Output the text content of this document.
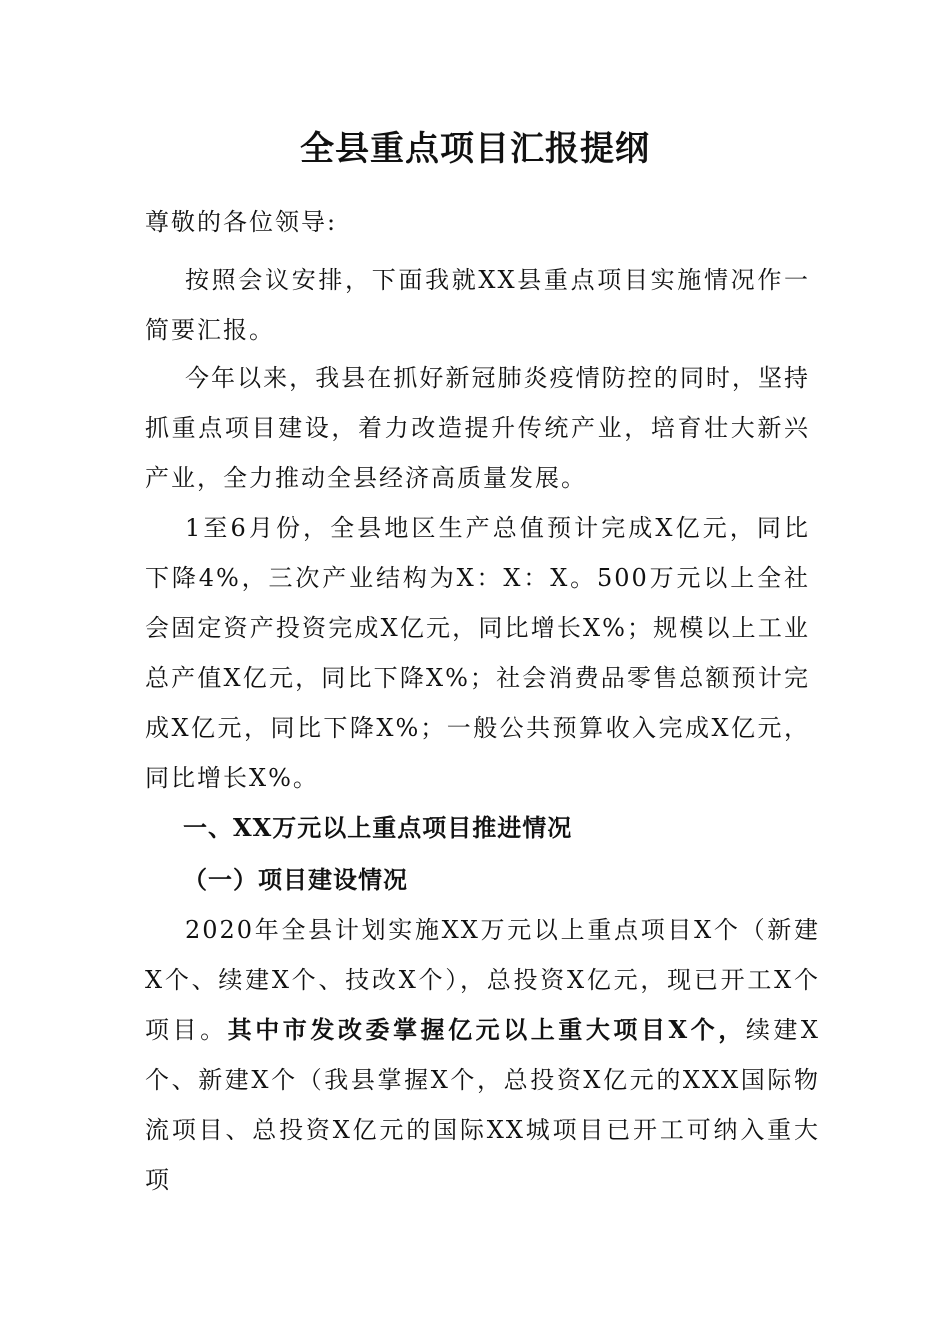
全县重点项目汇报提纲
尊敬的各位领导:

按照会议安排，下面我就XX县重点项目实施情况作一简要汇报。

今年以来，我县在抓好新冠肺炎疫情防控的同时，坚持抓重点项目建设，着力改造提升传统产业，培育壮大新兴产业，全力推动全县经济高质量发展。

1至6月份，全县地区生产总值预计完成X亿元，同比下降4%，三次产业结构为X：X：X。500万元以上全社会固定资产投资完成X亿元，同比增长X%；规模以上工业总产值X亿元，同比下降X%；社会消费品零售总额预计完成X亿元，同比下降X%；一般公共预算收入完成X亿元，同比增长X%。

一、XX万元以上重点项目推进情况
（一）项目建设情况

2020年全县计划实施XX万元以上重点项目X个（新建X个、续建X个、技改X个），总投资X亿元，现已开工X个项目。其中市发改委掌握亿元以上重大项目X个，续建X个、新建X个（我县掌握X个，总投资X亿元的XXX国际物流项目、总投资X亿元的国际XX城项目已开工可纳入重大项
